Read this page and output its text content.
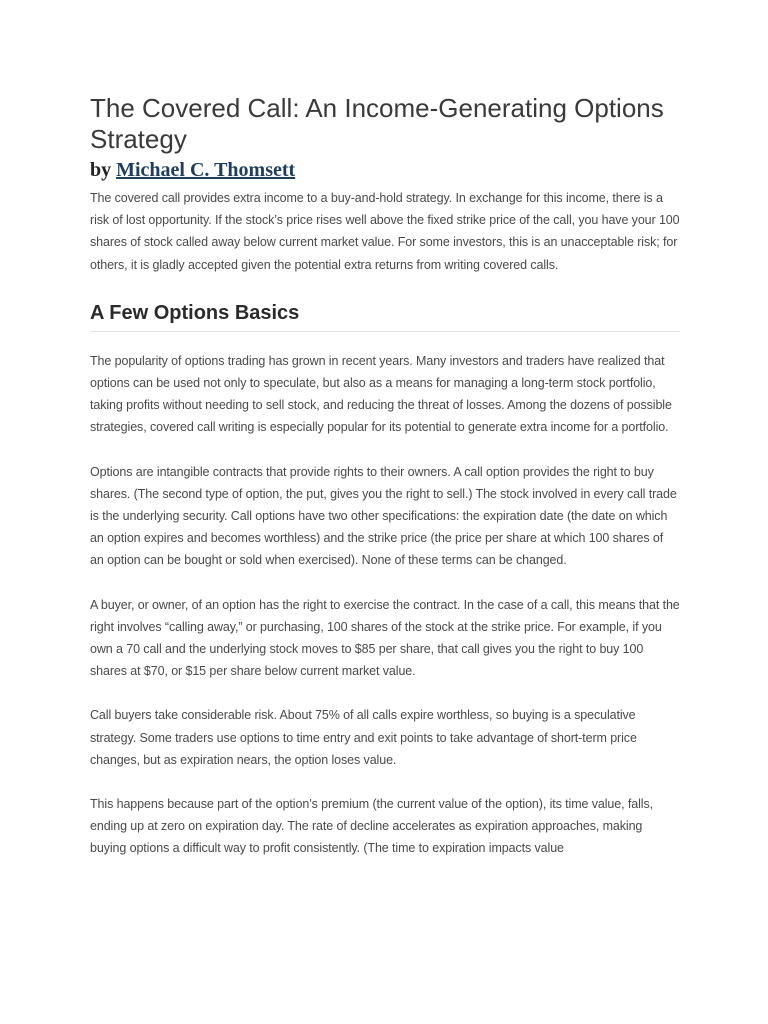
The Covered Call: An Income-Generating Options Strategy
by Michael C. Thomsett

The covered call provides extra income to a buy-and-hold strategy. In exchange for this income, there is a risk of lost opportunity. If the stock’s price rises well above the fixed strike price of the call, you have your 100 shares of stock called away below current market value. For some investors, this is an unacceptable risk; for others, it is gladly accepted given the potential extra returns from writing covered calls.

A Few Options Basics

The popularity of options trading has grown in recent years. Many investors and traders have realized that options can be used not only to speculate, but also as a means for managing a long-term stock portfolio, taking profits without needing to sell stock, and reducing the threat of losses. Among the dozens of possible strategies, covered call writing is especially popular for its potential to generate extra income for a portfolio.

Options are intangible contracts that provide rights to their owners. A call option provides the right to buy shares. (The second type of option, the put, gives you the right to sell.) The stock involved in every call trade is the underlying security. Call options have two other specifications: the expiration date (the date on which an option expires and becomes worthless) and the strike price (the price per share at which 100 shares of an option can be bought or sold when exercised). None of these terms can be changed.

A buyer, or owner, of an option has the right to exercise the contract. In the case of a call, this means that the right involves “calling away,” or purchasing, 100 shares of the stock at the strike price. For example, if you own a 70 call and the underlying stock moves to $85 per share, that call gives you the right to buy 100 shares at $70, or $15 per share below current market value.

Call buyers take considerable risk. About 75% of all calls expire worthless, so buying is a speculative strategy. Some traders use options to time entry and exit points to take advantage of short-term price changes, but as expiration nears, the option loses value.

This happens because part of the option’s premium (the current value of the option), its time value, falls, ending up at zero on expiration day. The rate of decline accelerates as expiration approaches, making buying options a difficult way to profit consistently. (The time to expiration impacts value
